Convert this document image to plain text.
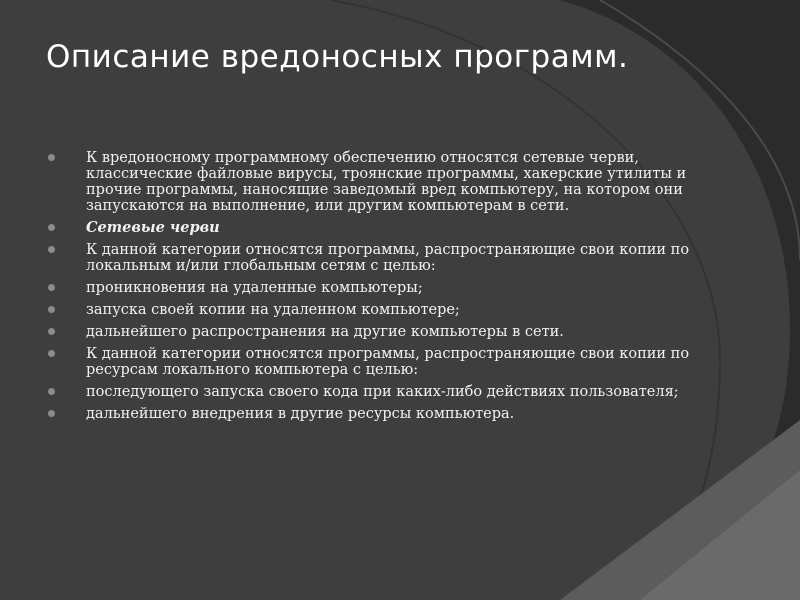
Описание вредоносных программ.
К вредоносному программному обеспечению относятся сетевые черви, классические файловые вирусы, троянские программы, хакерские утилиты и прочие программы, наносящие заведомый вред компьютеру, на котором они запускаются на выполнение, или другим компьютерам в сети.
Сетевые черви
К данной категории относятся программы, распространяющие свои копии по локальным и/или глобальным сетям с целью:
проникновения на удаленные компьютеры;
запуска своей копии на удаленном компьютере;
дальнейшего распространения на другие компьютеры в сети.
К данной категории относятся программы, распространяющие свои копии по ресурсам локального компьютера с целью:
последующего запуска своего кода при каких-либо действиях пользователя;
дальнейшего внедрения в другие ресурсы компьютера.
